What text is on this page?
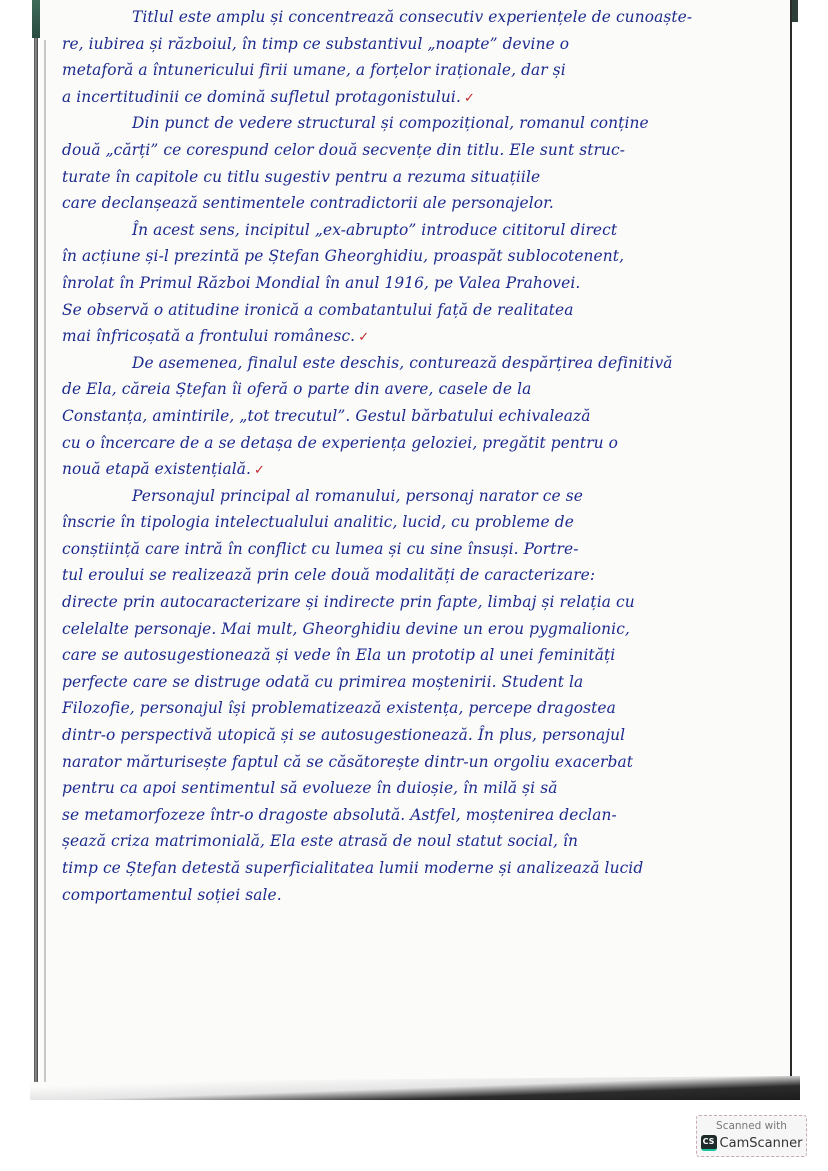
Titlul este amplu și concentrează consecutiv experiențele de cunoaște-
re, iubirea și războiul, în timp ce substantivul „noapte” devine o
metaforă a întunericului firii umane, a forțelor iraționale, dar și
a incertitudinii ce domină sufletul protagonistului. ✓
Din punct de vedere structural și compozițional, romanul conține
două „cărți” ce corespund celor două secvențe din titlu. Ele sunt struc-
turate în capitole cu titlu sugestiv pentru a rezuma situațiile
care declanșează sentimentele contradictorii ale personajelor.
În acest sens, incipitul „ex-abrupto” introduce cititorul direct
în acțiune și-l prezintă pe Ștefan Gheorghidiu, proaspăt sublocotenent,
înrolat în Primul Război Mondial în anul 1916, pe Valea Prahovei.
Se observă o atitudine ironică a combatantului față de realitatea
mai înfricoșată a frontului românesc. ✓
De asemenea, finalul este deschis, conturează despărțirea definitivă
de Ela, căreia Ștefan îi oferă o parte din avere, casele de la
Constanța, amintirile, „tot trecutul”. Gestul bărbatului echivalează
cu o încercare de a se detașa de experiența geloziei, pregătit pentru o
nouă etapă existențială. ✓
Personajul principal al romanului, personaj narator ce se
înscrie în tipologia intelectualului analitic, lucid, cu probleme de
conștiință care intră în conflict cu lumea și cu sine însuși. Portre-
tul eroului se realizează prin cele două modalități de caracterizare:
directe prin autocaracterizare și indirecte prin fapte, limbaj și relația cu
celelalte personaje. Mai mult, Gheorghidiu devine un erou pygmalionic,
care se autosugestionează și vede în Ela un prototip al unei feminități
perfecte care se distruge odată cu primirea moștenirii. Student la
Filozofie, personajul își problematizează existența, percepe dragostea
dintr-o perspectivă utopică și se autosugestionează. În plus, personajul
narator mărturisește faptul că se căsătorește dintr-un orgoliu exacerbat
pentru ca apoi sentimentul să evolueze în duioșie, în milă și să
se metamorfozeze într-o dragoste absolută. Astfel, moștenirea declan-
șează criza matrimonială, Ela este atrasă de noul statut social, în
timp ce Ștefan detestă superficialitatea lumii moderne și analizează lucid
comportamentul soției sale.
Scanned with
CS CamScanner
